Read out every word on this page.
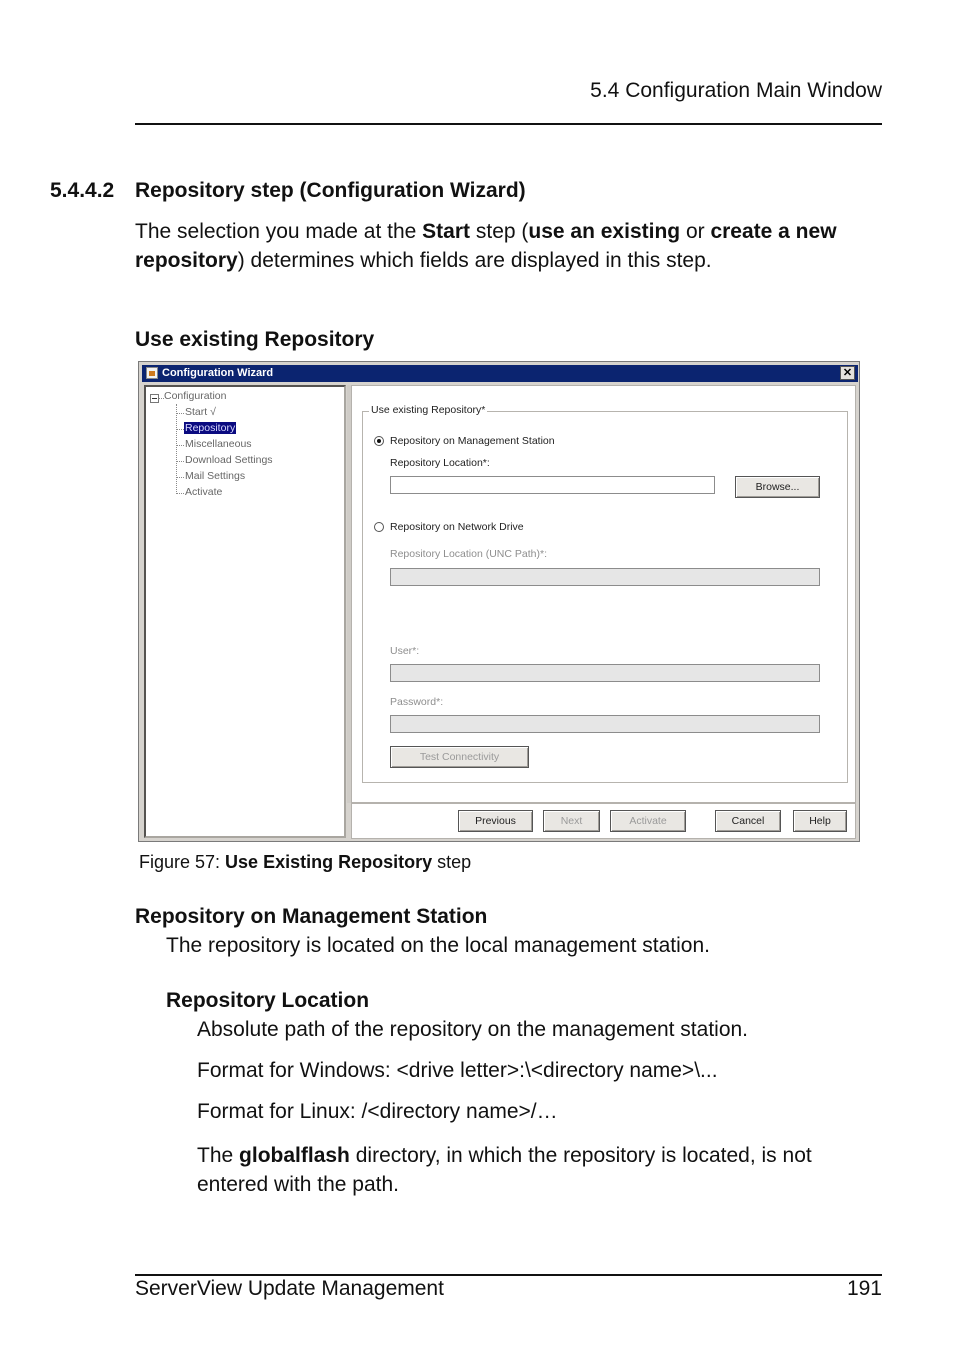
5.4 Configuration Main Window
5.4.4.2 Repository step (Configuration Wizard)
The selection you made at the Start step (use an existing or create a new repository) determines which fields are displayed in this step.
Use existing Repository
Configuration Wizard	✕
Configuration
Start √
Repository
Miscellaneous
Download Settings
Mail Settings
Activate
Use existing Repository*
Repository on Management Station
Repository Location*:
Browse...
Repository on Network Drive
Repository Location (UNC Path)*:
User*:
Password*:
Test Connectivity
Previous	Next	Activate	Cancel	Help
Figure 57: Use Existing Repository step
Repository on Management Station
The repository is located on the local management station.
Repository Location
Absolute path of the repository on the management station.
Format for Windows: <drive letter>:\<directory name>\...
Format for Linux: /<directory name>/…
The globalflash directory, in which the repository is located, is not entered with the path.
ServerView Update Management	191
